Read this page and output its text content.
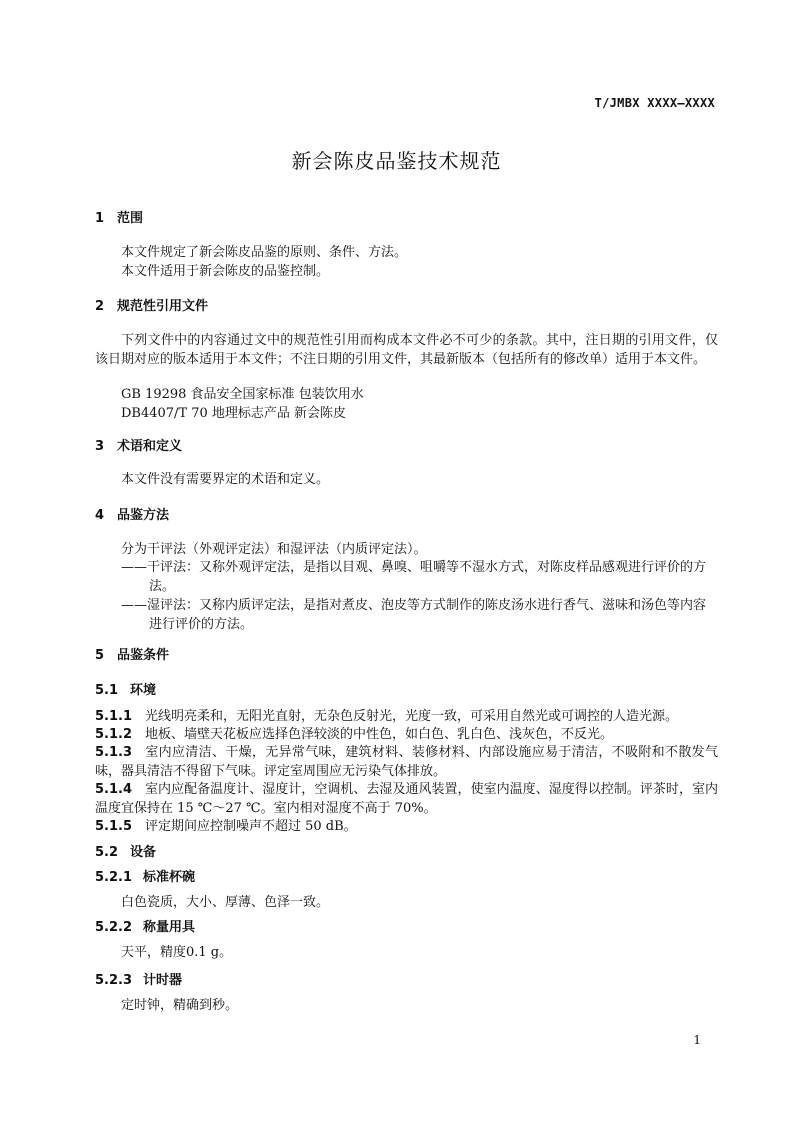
T/JMBX XXXX—XXXX
新会陈皮品鉴技术规范
1 范围
本文件规定了新会陈皮品鉴的原则、条件、方法。
本文件适用于新会陈皮的品鉴控制。
2 规范性引用文件
下列文件中的内容通过文中的规范性引用而构成本文件必不可少的条款。其中，注日期的引用文件，仅该日期对应的版本适用于本文件；不注日期的引用文件，其最新版本（包括所有的修改单）适用于本文件。
GB 19298 食品安全国家标准 包装饮用水
DB4407/T 70 地理标志产品 新会陈皮
3 术语和定义
本文件没有需要界定的术语和定义。
4 品鉴方法
分为干评法（外观评定法）和湿评法（内质评定法）。
——干评法：又称外观评定法，是指以目观、鼻嗅、咀嚼等不湿水方式，对陈皮样品感观进行评价的方法。
——湿评法：又称内质评定法，是指对煮皮、泡皮等方式制作的陈皮汤水进行香气、滋味和汤色等内容进行评价的方法。
5 品鉴条件
5.1 环境
5.1.1 光线明亮柔和，无阳光直射，无杂色反射光，光度一致，可采用自然光或可调控的人造光源。
5.1.2 地板、墙壁天花板应选择色泽较淡的中性色，如白色、乳白色、浅灰色，不反光。
5.1.3 室内应清洁、干燥，无异常气味，建筑材料、装修材料、内部设施应易于清洁，不吸附和不散发气味，器具清洁不得留下气味。评定室周围应无污染气体排放。
5.1.4 室内应配备温度计、湿度计，空调机、去湿及通风装置，使室内温度、湿度得以控制。评茶时，室内温度宜保持在 15 ℃～27 ℃。室内相对湿度不高于 70%。
5.1.5 评定期间应控制噪声不超过 50 dB。
5.2 设备
5.2.1 标准杯碗
白色瓷质，大小、厚薄、色泽一致。
5.2.2 称量用具
天平，精度0.1 g。
5.2.3 计时器
定时钟，精确到秒。
1
